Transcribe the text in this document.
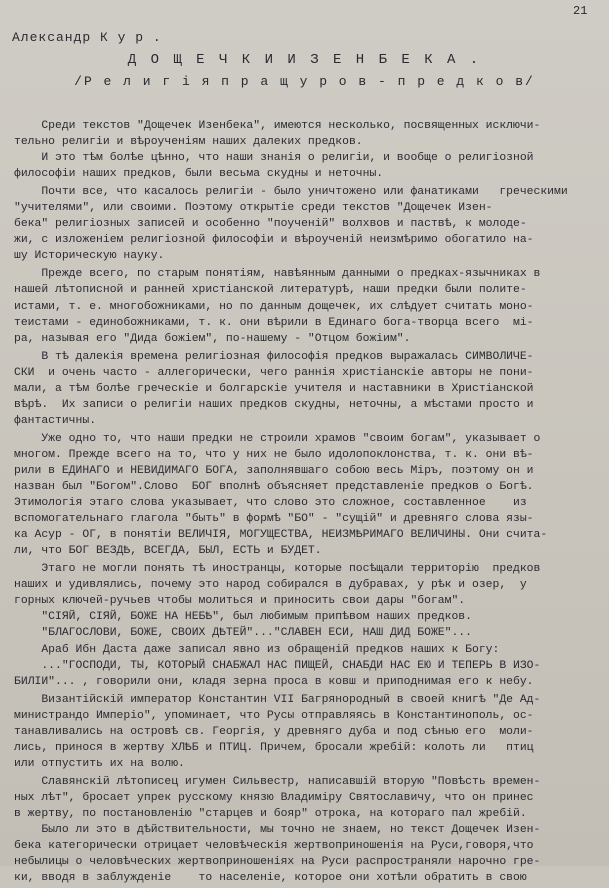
21
Александр К у р .
Д О Щ Е Ч К И И З Е Н Б Е К А .
/Р е л и г і я п р а щ у р о в - п р е д к о в/

Среди текстов "Дощечек Изенбека", имеются несколько, посвященных исключи-
тельно религіи и вѣроученіям наших далеких предков.
И это тѣм болѣе цѣнно, что наши знанія о религіи, и вообще о религіозной
философіи наших предков, были весьма скудны и неточны.

Почти все, что касалось религіи - было уничтожено или фанатиками   греческими
"учителями", или своими. Поэтому открытіе среди текстов "Дощечек Изен-
бека" религіозных записей и особенно "поученій" волхвов и паствѣ, к молоде-
жи, с изложеніем религіозной философіи и вѣроученій неизмѣримо обогатило на-
шу Историческую науку.

Прежде всего, по старым понятіям, навѣянным данными о предках-язычниках в
нашей лѣтописной и ранней христіанской литературѣ, наши предки были полите-
истами, т. е. многобожниками, но по данным дощечек, их слѣдует считать моно-
теистами - единобожниками, т. к. они вѣрили в Единаго бога-творца всего  мі-
ра, называя его "Дида божіем", по-нашему - "Отцом божіим".

В тѣ далекія времена религіозная философія предков выражалась СИМВОЛИЧЕ-
СКИ  и очень часто - аллегорически, чего раннія христіанскіе авторы не пони-
мали, а тѣм болѣе греческіе и болгарскіе учителя и наставники в Христіанской
вѣрѣ.  Их записи о религіи наших предков скудны, неточны, а мѣстами просто и
фантастичны.

Уже одно то, что наши предки не строили храмов "своим богам", указывает о
многом. Прежде всего на то, что у них не было идолопоклонства, т. к. они вѣ-
рили в ЕДИНАГО и НЕВИДИМАГО БОГА, заполнявшаго собою весь Міръ, поэтому он и
назван был "Богом".Слово  БОГ вполнѣ объясняет представленіе предков о Богѣ.
Этимологія этаго слова указывает, что слово это сложное, составленное    из
вспомогательнаго глагола "быть" в формѣ "БО" - "сущій" и древняго слова язы-
ка Асур - ОГ, в понятіи ВЕЛИЧІЯ, МОГУЩЕСТВА, НЕИЗМѢРИМАГО ВЕЛИЧИНЫ. Они счита-
ли, что БОГ ВЕЗДѢ, ВСЕГДА, БЫЛ, ЕСТЬ и БУДЕТ.

Этаго не могли понять тѣ иностранцы, которые посѣщали территорію  предков
наших и удивлялись, почему это народ собирался в дубравах, у рѣк и озер,  у
горных ключей-ручьев чтобы молиться и приносить свои дары "богам".
"СІЯЙ, СІЯЙ, БОЖЕ НА НЕБѢ", был любимым припѣвом наших предков.
"БЛАГОСЛОВИ, БОЖЕ, СВОИХ ДѢТЕЙ"..."СЛАВЕН ЕСИ, НАШ ДИД БОЖЕ"...
Араб Ибн Даста даже записал явно из обращеній предков наших к Богу:
..."ГОСПОДИ, ТЫ, КОТОРЫЙ СНАБЖАЛ НАС ПИЩЕЙ, СНАБДИ НАС ЕЮ И ТЕПЕРЬ В ИЗО-
БИЛІИ"... , говорили они, кладя зерна проса в ковш и приподнимая его к небу.

Византійскій император Константин VII Багрянородный в своей книгѣ "Де Ад-
министрандо Имперіо", упоминает, что Русы отправляясь в Константинополь, ос-
танавливались на островѣ св. Георгія, у древняго дуба и под сѣнью его  моли-
лись, принося в жертву ХЛѢБ и ПТИЦ. Причем, бросали жребій: колоть ли   птиц
или отпустить их на волю.

Славянскій лѣтописец игумен Сильвестр, написавшій вторую "Повѣсть времен-
ных лѣт", бросает упрек русскому князю Владиміру Святославичу, что он принес
в жертву, по постановленію "старцев и бояр" отрока, на котораго пал жребій.
Было ли это в дѣйствительности, мы точно не знаем, но текст Дощечек Изен-
бека категорически отрицает человѣческія жертвоприношенія на Руси,говоря,что
небылицы о человѣческих жертвоприношеніях на Руси распространяли нарочно гре-
ки, вводя в заблужденіе    то населеніе, которое они хотѣли обратить в свою
